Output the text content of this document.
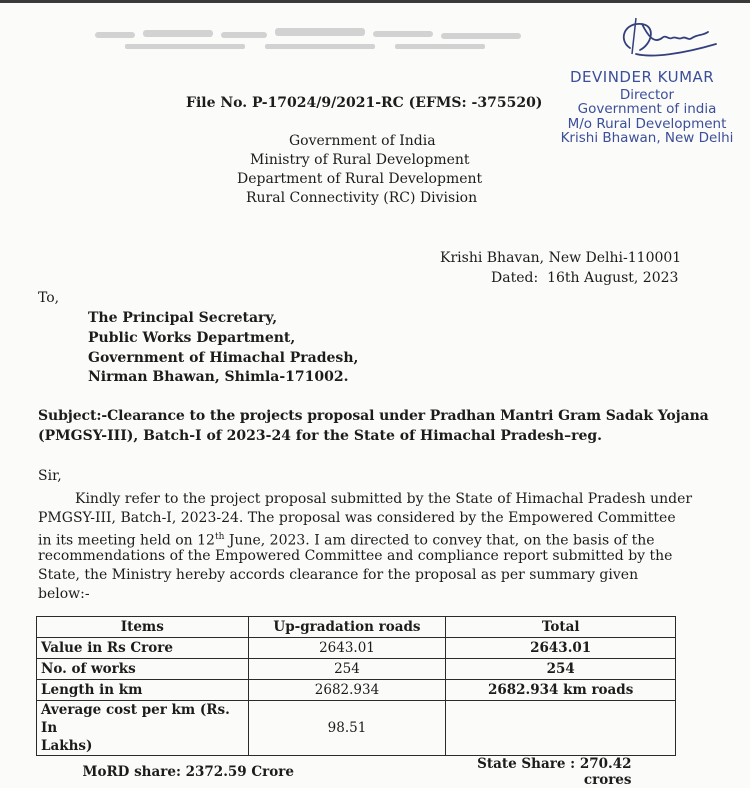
DEVINDER KUMAR
Director
Government of india
M/o Rural Development
Krishi Bhawan, New Delhi
File No. P-17024/9/2021-RC (EFMS: -375520)
Government of India
Ministry of Rural Development
Department of Rural Development
Rural Connectivity (RC) Division
Krishi Bhavan, New Delhi-110001
Dated: 16th August, 2023
To,
The Principal Secretary,
Public Works Department,
Government of Himachal Pradesh,
Nirman Bhawan, Shimla-171002.
Subject:-Clearance to the projects proposal under Pradhan Mantri Gram Sadak Yojana
(PMGSY-III), Batch-I of 2023-24 for the State of Himachal Pradesh–reg.
Sir,
Kindly refer to the project proposal submitted by the State of Himachal Pradesh under
PMGSY-III, Batch-I, 2023-24. The proposal was considered by the Empowered Committee
in its meeting held on 12th June, 2023. I am directed to convey that, on the basis of the
recommendations of the Empowered Committee and compliance report submitted by the
State, the Ministry hereby accords clearance for the proposal as per summary given
below:-
Items	Up-gradation roads	Total
Value in Rs Crore	2643.01	2643.01
No. of works	254	254
Length in km	2682.934	2682.934 km roads
Average cost per km (Rs. In
Lakhs)	98.51	
MoRD share: 2372.59 Crore		State Share : 270.42 crores
